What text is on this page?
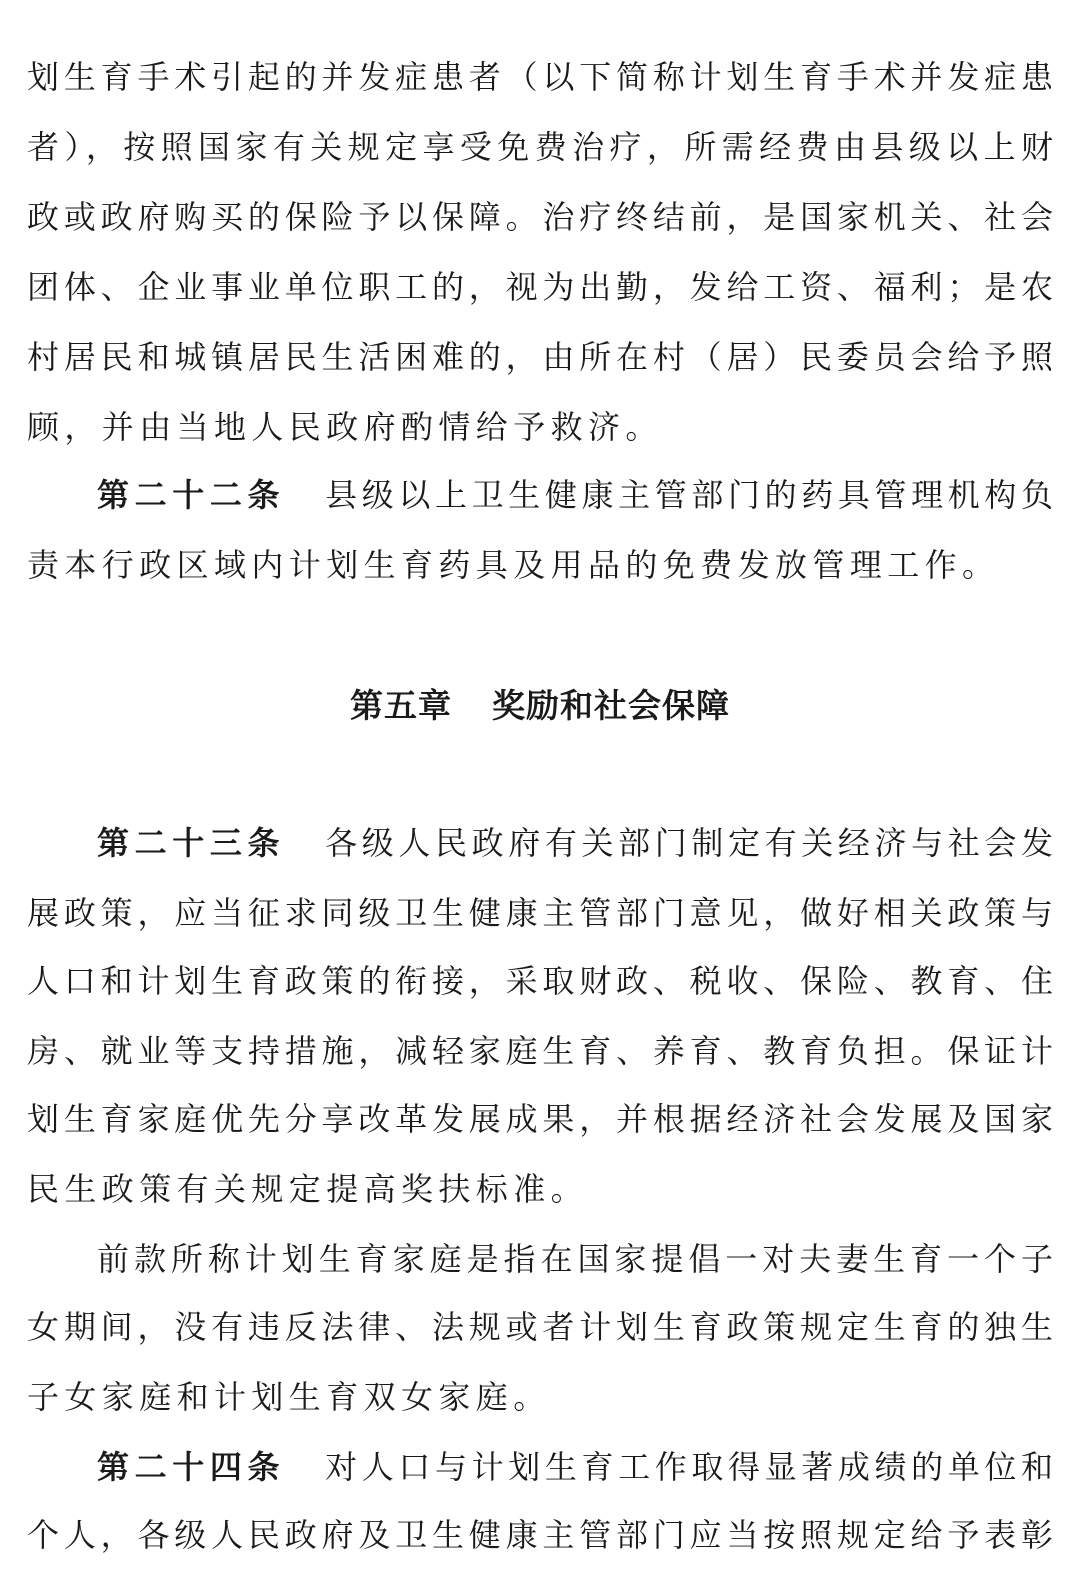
划生育手术引起的并发症患者（以下简称计划生育手术并发症患
者），按照国家有关规定享受免费治疗，所需经费由县级以上财
政或政府购买的保险予以保障。治疗终结前，是国家机关、社会
团体、企业事业单位职工的，视为出勤，发给工资、福利；是农
村居民和城镇居民生活困难的，由所在村（居）民委员会给予照
顾，并由当地人民政府酌情给予救济。
第二十二条 县级以上卫生健康主管部门的药具管理机构负
责本行政区域内计划生育药具及用品的免费发放管理工作。
第五章 奖励和社会保障
第二十三条 各级人民政府有关部门制定有关经济与社会发
展政策，应当征求同级卫生健康主管部门意见，做好相关政策与
人口和计划生育政策的衔接，采取财政、税收、保险、教育、住
房、就业等支持措施，减轻家庭生育、养育、教育负担。保证计
划生育家庭优先分享改革发展成果，并根据经济社会发展及国家
民生政策有关规定提高奖扶标准。
前款所称计划生育家庭是指在国家提倡一对夫妻生育一个子
女期间，没有违反法律、法规或者计划生育政策规定生育的独生
子女家庭和计划生育双女家庭。
第二十四条 对人口与计划生育工作取得显著成绩的单位和
个人，各级人民政府及卫生健康主管部门应当按照规定给予表彰
